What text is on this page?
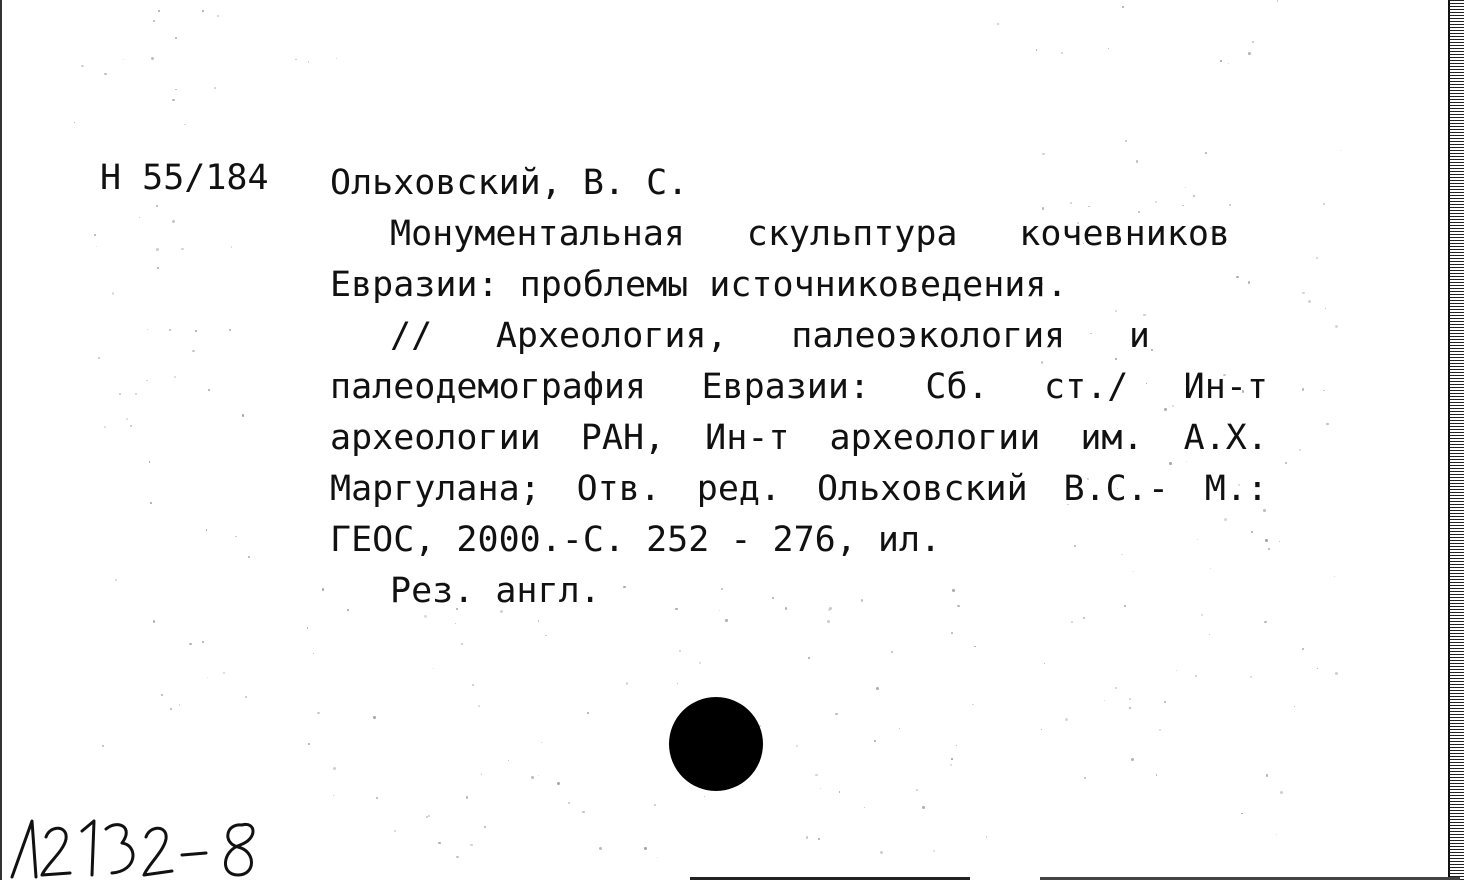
Н 55/184 Ольховский, В. С.
Монументальная скульптура кочевников
Евразии: проблемы источниковедения.
// Археология, палеоэкология и
палеодемография Евразии: Сб. ст./ Ин-т
археологии РАН, Ин-т археологии им. А.Х.
Маргулана; Отв. ред. Ольховский В.С.- М.:
ГЕОС, 2000.-С. 252 - 276, ил.
Рез. англ.
